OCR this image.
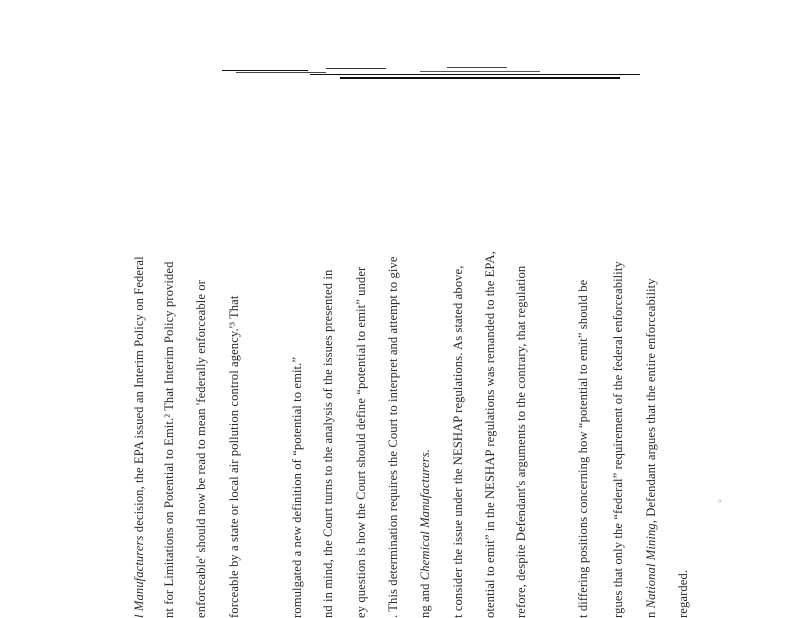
l Manufacturers decision, the EPA issued an Interim Policy on Federal nt for Limitations on Potential to Emit.² That Interim Policy provided enforceable' should now be read to mean 'federally enforceable or forceable by a state or local air pollution control agency.'³ That	romulgated a new definition of “potential to emit.” nd in mind, the Court turns to the analysis of the issues presented in ey question is how the Court should define “potential to emit” under . This determination requires the Court to interpret and attempt to give ng and Chemical Manufacturers. t consider the issue under the NESHAP regulations. As stated above, otential to emit” in the NESHAP regulations was remanded to the EPA, refore, despite Defendant's arguments to the contrary, that regulation	t differing positions concerning how “potential to emit” should be rgues that only the “federal” requirement of the federal enforceability n National Mining, Defendant argues that the entire enforceability
regarded.
°
